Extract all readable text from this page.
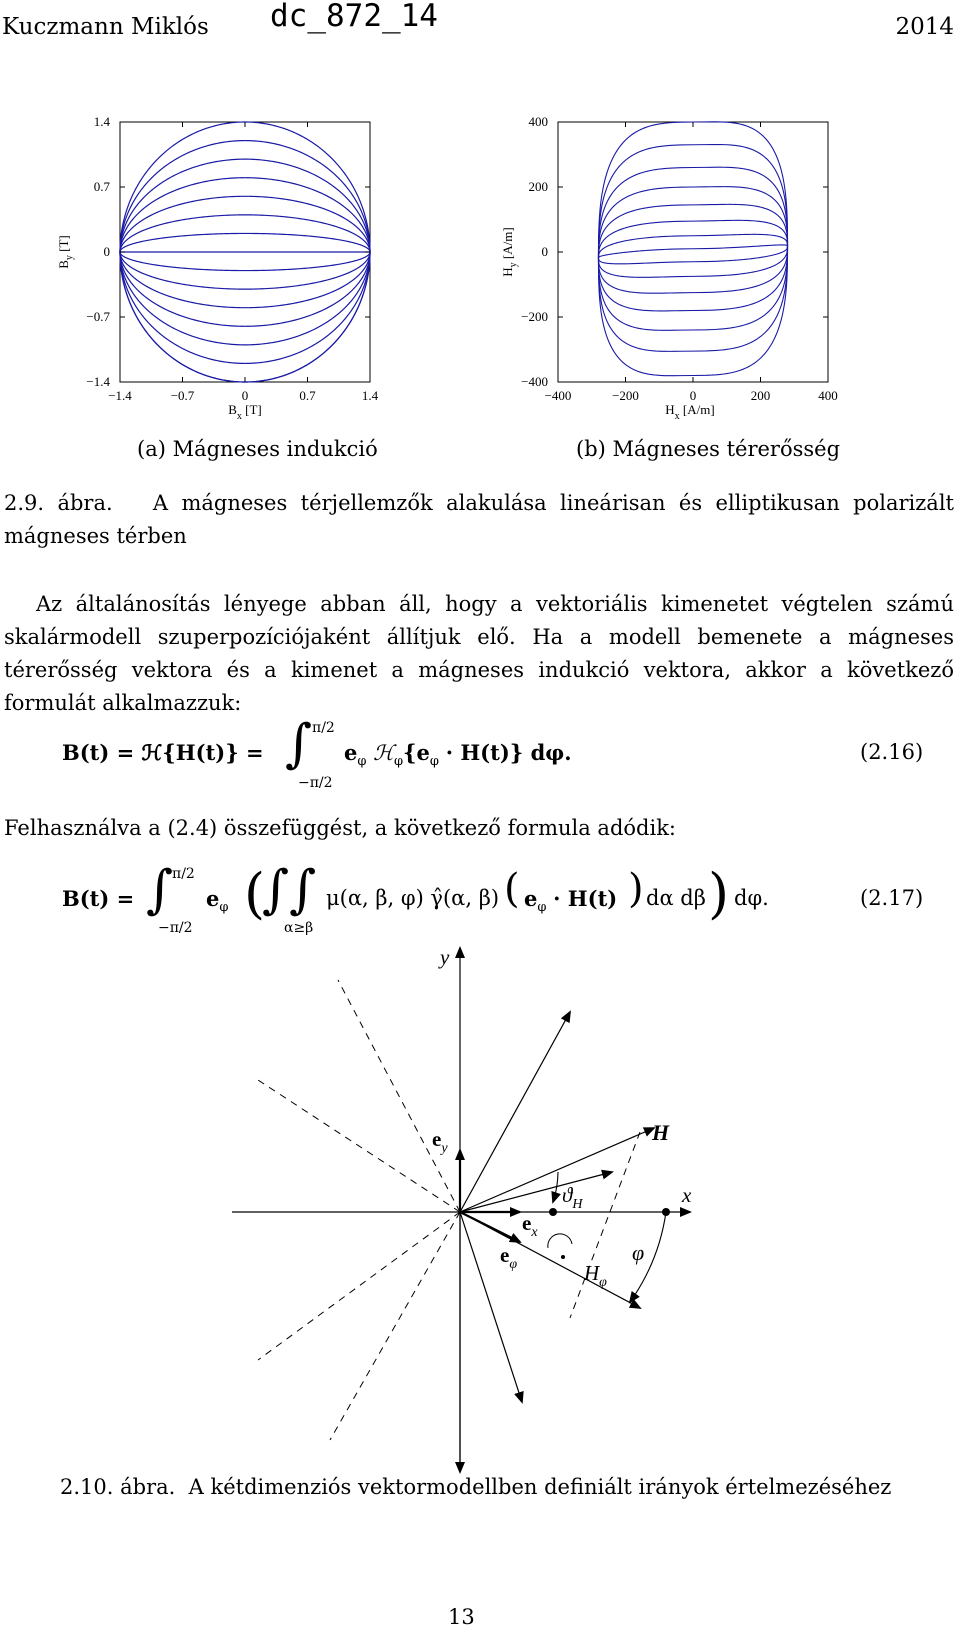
Kuczmann Miklós dc_872_14	2014
−1.4	−0.7	0	0.7	1.4
1.4
0.7
0
−0.7
−1.4
$B_y$ [T]
$B_x$ [T]
−400	−200	0	200	400
400
200
0
−200
−400
$H_y$ [A/m]
$H_x$ [A/m]
(a) Mágneses indukció	(b) Mágneses térerősség
2.9. ábra. A mágneses térjellemzők alakulása lineárisan és elliptikusan polarizált mágneses térben
Az általánosítás lényege abban áll, hogy a vektoriális kimenetet végtelen számú skalármodell szuperpozíciójaként állítjuk elő. Ha a modell bemenete a mágneses térerősség vektora és a kimenet a mágneses indukció vektora, akkor a következő formulát alkalmazzuk:
B(t) = ℋ{H(t)} = ∫ π/2
−π/2
$e_\varphi$ $ℋ_\varphi\{e_\varphi \cdot H(t)\}$ dφ.	(2.16)
Felhasználva a (2.4) összefüggést, a következő formula adódik:
B(t) = ∫
π/2
−π/2
$e_\varphi$ (
∫∫
α≥β
μ(α, β, φ) γ̂(α, β) ( $e_\varphi \cdot H(t)$ ) dα dβ ) dφ.	(2.17)
y
x
$e_y$
$e_x$
$e_\varphi$
H
$ϑ_H$
$H_\varphi$
φ
2.10. ábra. A kétdimenziós vektormodellben definiált irányok értelmezéséhez
13
